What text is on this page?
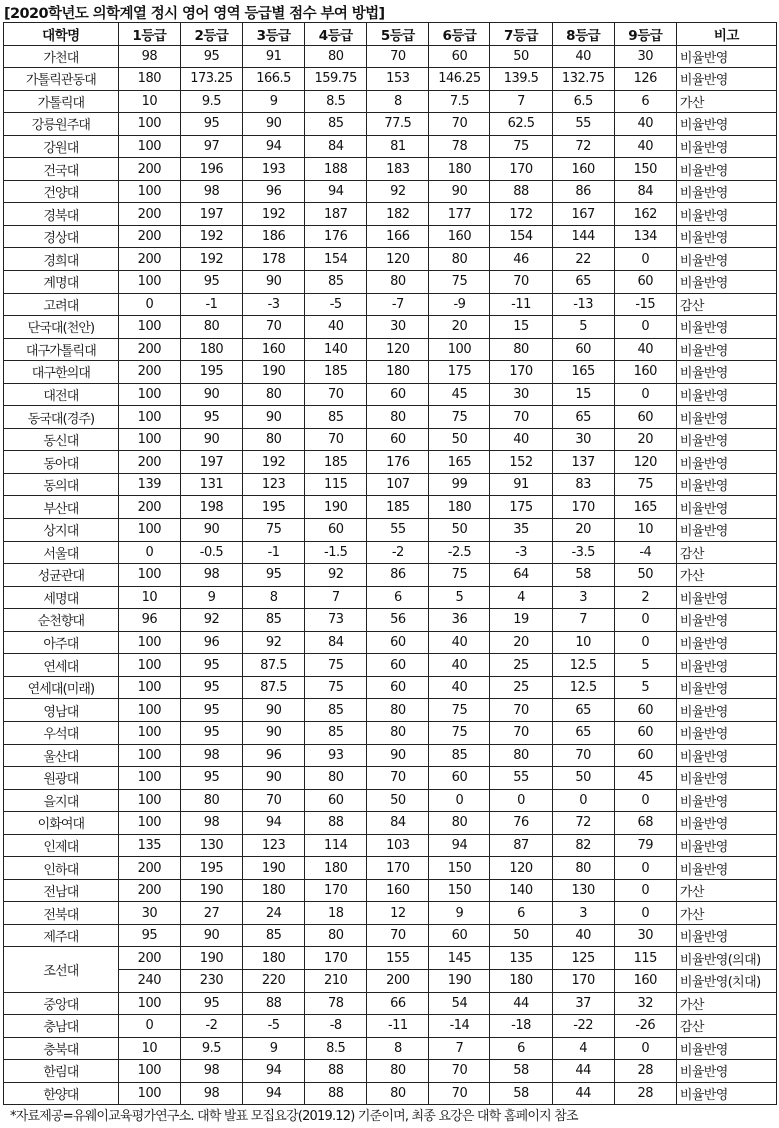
[2020학년도 의학계열 정시 영어 영역 등급별 점수 부여 방법]
대학명	1등급	2등급	3등급	4등급	5등급	6등급	7등급	8등급	9등급	비고
가천대	98	95	91	80	70	60	50	40	30	비율반영
가톨릭관동대	180	173.25	166.5	159.75	153	146.25	139.5	132.75	126	비율반영
가톨릭대	10	9.5	9	8.5	8	7.5	7	6.5	6	가산
강릉원주대	100	95	90	85	77.5	70	62.5	55	40	비율반영
강원대	100	97	94	84	81	78	75	72	40	비율반영
건국대	200	196	193	188	183	180	170	160	150	비율반영
건양대	100	98	96	94	92	90	88	86	84	비율반영
경북대	200	197	192	187	182	177	172	167	162	비율반영
경상대	200	192	186	176	166	160	154	144	134	비율반영
경희대	200	192	178	154	120	80	46	22	0	비율반영
계명대	100	95	90	85	80	75	70	65	60	비율반영
고려대	0	-1	-3	-5	-7	-9	-11	-13	-15	감산
단국대(천안)	100	80	70	40	30	20	15	5	0	비율반영
대구가톨릭대	200	180	160	140	120	100	80	60	40	비율반영
대구한의대	200	195	190	185	180	175	170	165	160	비율반영
대전대	100	90	80	70	60	45	30	15	0	비율반영
동국대(경주)	100	95	90	85	80	75	70	65	60	비율반영
동신대	100	90	80	70	60	50	40	30	20	비율반영
동아대	200	197	192	185	176	165	152	137	120	비율반영
동의대	139	131	123	115	107	99	91	83	75	비율반영
부산대	200	198	195	190	185	180	175	170	165	비율반영
상지대	100	90	75	60	55	50	35	20	10	비율반영
서울대	0	-0.5	-1	-1.5	-2	-2.5	-3	-3.5	-4	감산
성균관대	100	98	95	92	86	75	64	58	50	가산
세명대	10	9	8	7	6	5	4	3	2	비율반영
순천향대	96	92	85	73	56	36	19	7	0	비율반영
아주대	100	96	92	84	60	40	20	10	0	비율반영
연세대	100	95	87.5	75	60	40	25	12.5	5	비율반영
연세대(미래)	100	95	87.5	75	60	40	25	12.5	5	비율반영
영남대	100	95	90	85	80	75	70	65	60	비율반영
우석대	100	95	90	85	80	75	70	65	60	비율반영
울산대	100	98	96	93	90	85	80	70	60	비율반영
원광대	100	95	90	80	70	60	55	50	45	비율반영
을지대	100	80	70	60	50	0	0	0	0	비율반영
이화여대	100	98	94	88	84	80	76	72	68	비율반영
인제대	135	130	123	114	103	94	87	82	79	비율반영
인하대	200	195	190	180	170	150	120	80	0	비율반영
전남대	200	190	180	170	160	150	140	130	0	가산
전북대	30	27	24	18	12	9	6	3	0	가산
제주대	95	90	85	80	70	60	50	40	30	비율반영
조선대	200	190	180	170	155	145	135	125	115	비율반영(의대)
	240	230	220	210	200	190	180	170	160	비율반영(치대)
중앙대	100	95	88	78	66	54	44	37	32	가산
충남대	0	-2	-5	-8	-11	-14	-18	-22	-26	감산
충북대	10	9.5	9	8.5	8	7	6	4	0	비율반영
한림대	100	98	94	88	80	70	58	44	28	비율반영
한양대	100	98	94	88	80	70	58	44	28	비율반영
*자료제공=유웨이교육평가연구소. 대학 발표 모집요강(2019.12) 기준이며, 최종 요강은 대학 홈페이지 참조
